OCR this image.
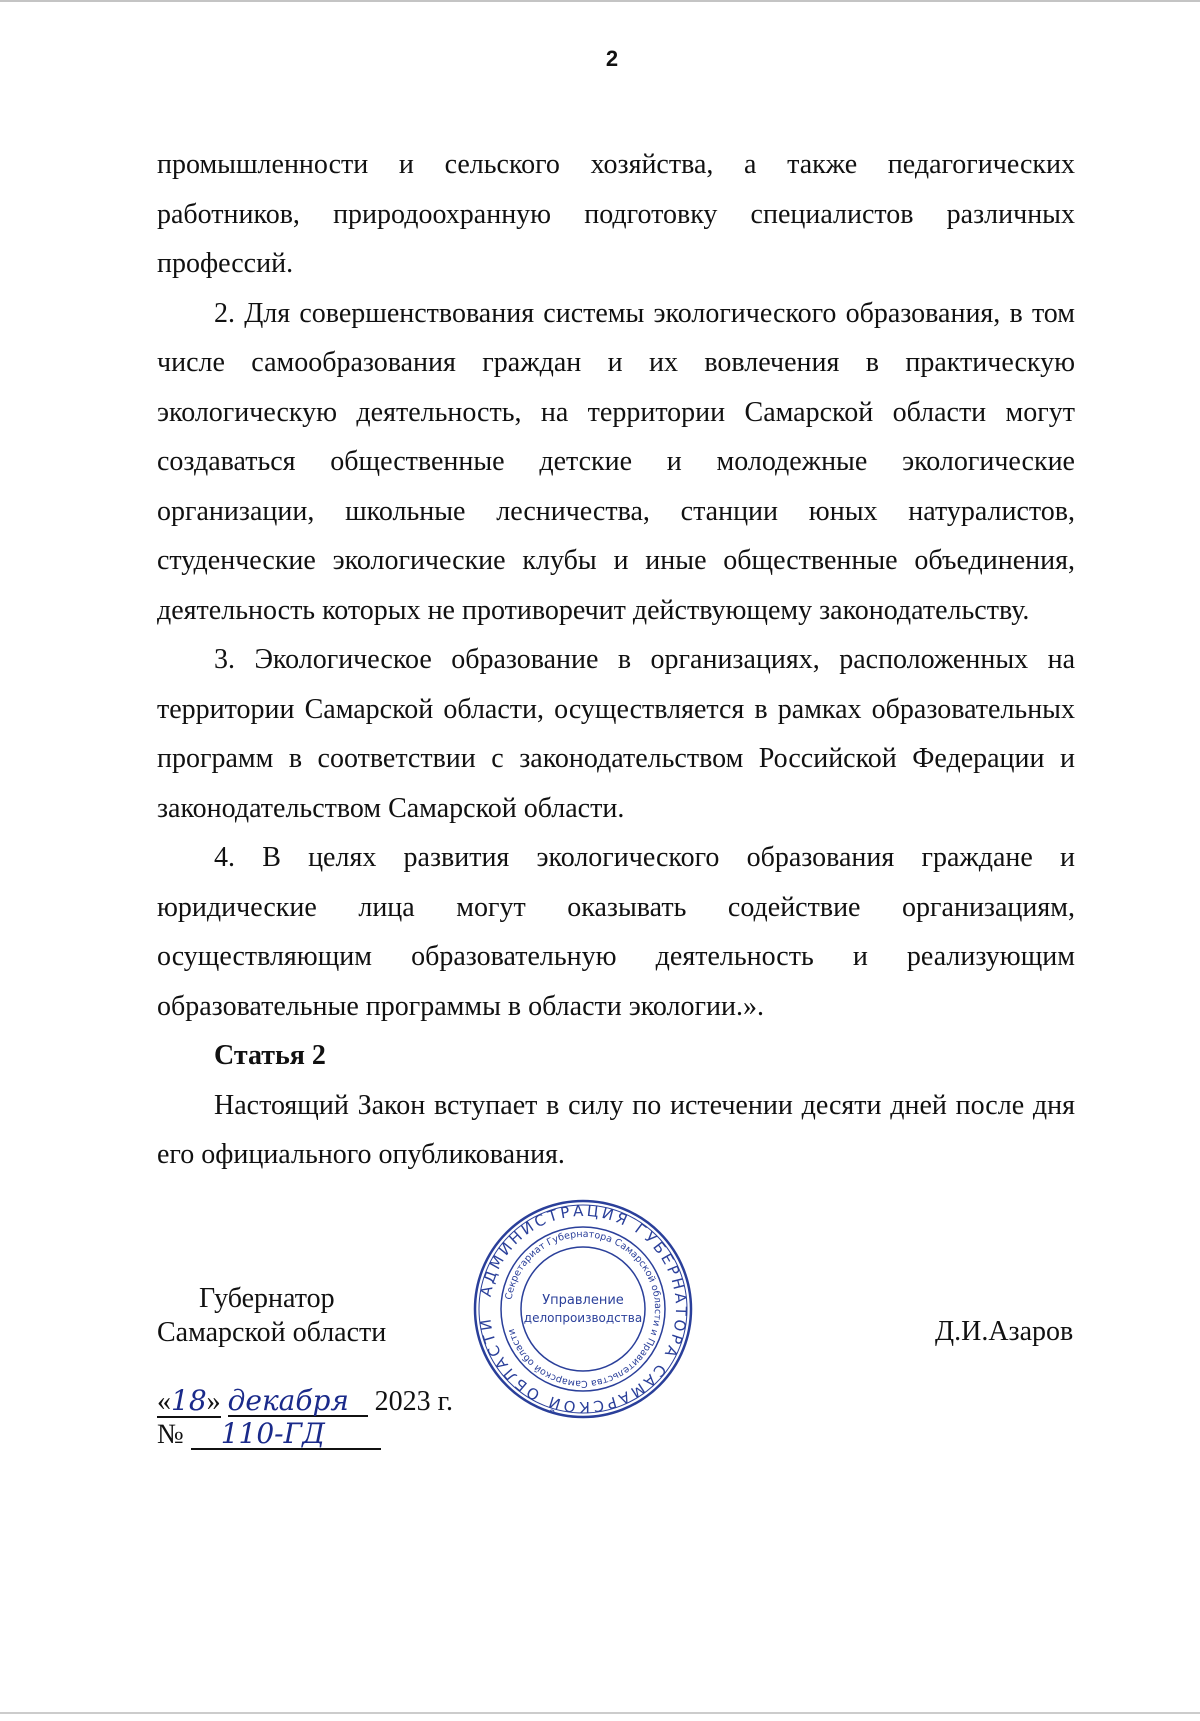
2

промышленности и сельского хозяйства, а также педагогических работников, природоохранную подготовку специалистов различных профессий.

2. Для совершенствования системы экологического образования, в том числе самообразования граждан и их вовлечения в практическую экологическую деятельность, на территории Самарской области могут создаваться общественные детские и молодежные экологические организации, школьные лесничества, станции юных натуралистов, студенческие экологические клубы и иные общественные объединения, деятельность которых не противоречит действующему законодательству.

3. Экологическое образование в организациях, расположенных на территории Самарской области, осуществляется в рамках образовательных программ в соответствии с законодательством Российской Федерации и законодательством Самарской области.

4. В целях развития экологического образования граждане и юридические лица могут оказывать содействие организациям, осуществляющим образовательную деятельность и реализующим образовательные программы в области экологии.».

Статья 2

Настоящий Закон вступает в силу по истечении десяти дней после дня его официального опубликования.

АДМИНИСТРАЦИЯ ГУБЕРНАТОРА САМАРСКОЙ ОБЛАСТИ
Секретариат Губернатора Самарской области и Правительства Самарской области
Управление
делопроизводства
Губернатор
Самарской области	Д.И.Азаров
«18» декабря 2023 г.
№ 110-ГД
